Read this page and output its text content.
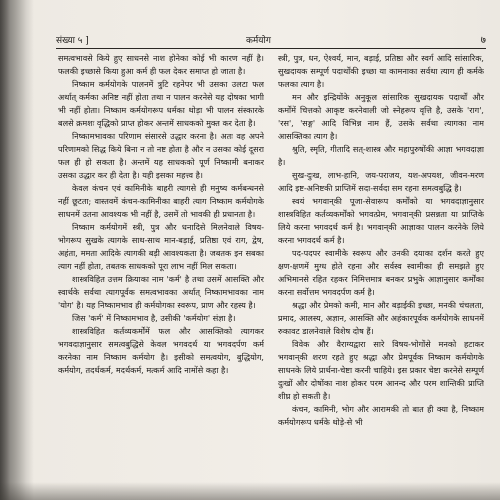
संख्या ५ ]	कर्मयोग	७

समत्वभावसे किये हुए साधनसे नाश होनेका कोई भी कारण नहीं है। फलकी इच्छासे किया हुआ कर्म ही फल देकर समाप्त हो जाता है।

निष्काम कर्मयोगके पालनमें त्रुटि रहनेपर भी उसका उलटा फल अर्थात् कर्मका अनिष्ट नहीं होता तथा न पालन करनेसे यह दोषका भागी भी नहीं होता। निष्काम कर्मयोगरूप धर्मका थोड़ा भी पालन संस्कारके बलसे क्रमशः वृद्धिको प्राप्त होकर अन्तमें साधकको मुक्त कर देता है।

निष्कामभावका परिणाम संसारसे उद्धार करना है। अतः वह अपने परिणामको सिद्ध किये बिना न तो नष्ट होता है और न उसका कोई दूसरा फल ही हो सकता है। अन्तमें यह साधकको पूर्ण निष्कामी बनाकर उसका उद्धार कर ही देता है। यही इसका महत्त्व है।

केवल कंचन एवं कामिनीके बाहरी त्यागसे ही मनुष्य कर्मबन्धनसे नहीं छूटता; वास्तवमें कंचन-कामिनीका बाहरी त्याग निष्काम कर्मयोगके साधनमें उतना आवश्यक भी नहीं है, उसमें तो भावकी ही प्रधानता है।

निष्काम कर्मयोगमें स्त्री, पुत्र और धनादिसे मिलनेवाले विषय-भोगरूप सुखके त्यागके साथ-साथ मान-बड़ाई, प्रतिष्ठा एवं राग, द्वेष, अहंता, ममता आदिके त्यागकी बड़ी आवश्यकता है। जबतक इन सबका त्याग नहीं होता, तबतक साधकको पूरा लाभ नहीं मिल सकता।

शास्त्रविहित उत्तम क्रियाका नाम 'कर्म' है तथा उसमें आसक्ति और स्वार्थके सर्वथा त्यागपूर्वक समत्वभावका अर्थात् निष्कामभावका नाम 'योग' है। यह निष्कामभाव ही कर्मयोगका स्वरूप, प्राण और रहस्य है।

जिस 'कर्म' में निष्कामभाव है, उसीकी 'कर्मयोग' संज्ञा है।

शास्त्रविहित कर्तव्यकर्मोंमें फल और आसक्तिको त्यागकर भगवदाज्ञानुसार समत्वबुद्धिसे केवल भगवदर्थ या भगवदर्पण कर्म करनेका नाम निष्काम कर्मयोग है। इसीको समत्वयोग, बुद्धियोग, कर्मयोग, तदर्थकर्म, मदर्थकर्म, मत्कर्म आदि नामोंसे कहा है।

स्त्री, पुत्र, धन, ऐश्वर्य, मान, बड़ाई, प्रतिष्ठा और स्वर्ग आदि सांसारिक, सुखदायक सम्पूर्ण पदार्थोंकी इच्छा या कामनाका सर्वथा त्याग ही कर्मके फलका त्याग है।

मन और इन्द्रियोंके अनुकूल सांसारिक सुखदायक पदार्थों और कर्मोंमें चित्तको आकृष्ट करनेवाली जो स्नेहरूप वृत्ति है, उसके 'राग', 'रस', 'सङ्ग' आदि विभिन्न नाम हैं, उसके सर्वथा त्यागका नाम आसक्तिका त्याग है।

श्रुति, स्मृति, गीतादि सत्-शास्त्र और महापुरुषोंकी आज्ञा भगवदाज्ञा है।

सुख-दुःख, लाभ-हानि, जय-पराजय, यश-अपयश, जीवन-मरण आदि इष्ट-अनिष्टकी प्राप्तिमें सदा-सर्वदा सम रहना समत्वबुद्धि है।

स्वयं भगवान्‌की पूजा-सेवारूप कर्मोंको या भगवदाज्ञानुसार शास्त्रविहित कर्तव्यकर्मोंको भगवत्प्रेम, भगवान्‌की प्रसन्नता या प्राप्तिके लिये करना भगवदर्थ कर्म है। भगवान्‌की आज्ञाका पालन करनेके लिये करना भगवदर्थ कर्म है।

पद-पदपर स्वामीके स्वरूप और उनकी दयाका दर्शन करते हुए क्षण-क्षणमें मुग्ध होते रहना और सर्वस्व स्वामीका ही समझते हुए अभिमानसे रहित रहकर निमित्तमात्र बनकर प्रभुके आज्ञानुसार कर्मोंका करना सर्वोत्तम भगवदर्पण कर्म है।

श्रद्धा और प्रेमको कमी, मान और बड़ाईकी इच्छा, मनकी चंचलता, प्रमाद, आलस्य, अज्ञान, आसक्ति और अहंकारपूर्वक कर्मयोगके साधनमें रुकावट डालनेवाले विशेष दोष हैं।

विवेक और वैराग्यद्वारा सारे विषय-भोगोंसे मनको हटाकर भगवान्‌की शरण रहते हुए श्रद्धा और प्रेमपूर्वक निष्काम कर्मयोगके साधनके लिये प्रार्थना-चेष्टा करनी चाहिये। इस प्रकार चेष्टा करनेसे सम्पूर्ण दुःखों और दोषोंका नाश होकर परम आनन्द और परम शान्तिकी प्राप्ति शीघ्र हो सकती है।

कंचन, कामिनी, भोग और आरामकी तो बात ही क्या है, निष्काम कर्मयोगरूप धर्मके थोड़े-से भी
